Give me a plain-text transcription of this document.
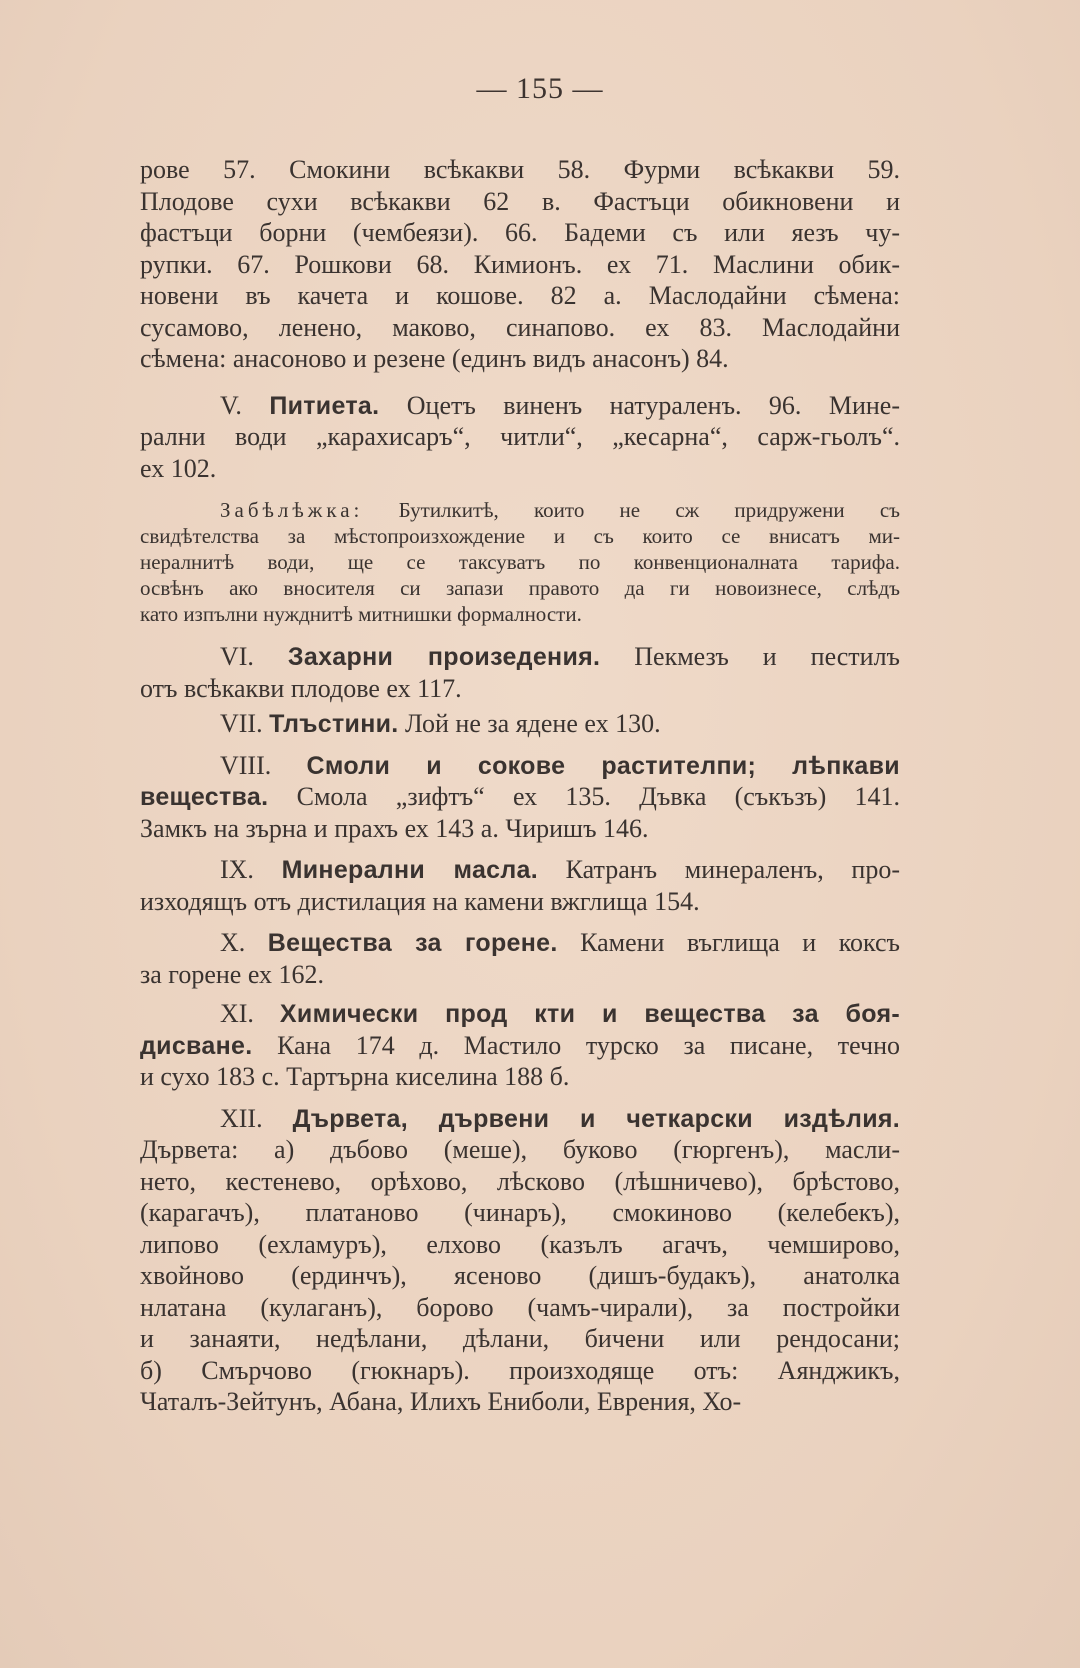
— 155 —
рове 57. Смокини всѣкакви 58. Фурми всѣкакви 59.
Плодове сухи всѣкакви 62 в. Фастъци обикновени и
фастъци борни (чембеязи). 66. Бадеми съ или яезъ чу-
рупки. 67. Рошкови 68. Кимионъ. ех 71. Маслини обик-
новени въ качета и кошове. 82 а. Маслодайни сѣмена:
сусамово, ленено, маково, синапово. ех 83. Маслодайни
сѣмена: анасоново и резене (единъ видъ анасонъ) 84.
V. Питиета. Оцетъ виненъ натураленъ. 96. Мине-
рални води „карахисаръ“, читли“, „кесарна“, сарж-гьолъ“.
ех 102.
Забѣлѣжка: Бутилкитѣ, които не сж придружени съ
свидѣтелства за мѣстопроизхождение и съ които се внисатъ ми-
нералнитѣ води, ще се таксуватъ по конвенционалната тарифа.
освѣнъ ако вносителя си запази правото да ги новоизнесе, слѣдъ
като изпълни нужднитѣ митнишки формалности.
VI. Захарни произедения. Пекмезъ и пестилъ
отъ всѣкакви плодове ех 117.
VII. Тлъстини. Лой не за ядене ех 130.
VIII. Смоли и сокове растителпи; лѣпкави
вещества. Смола „зифтъ“ ех 135. Дъвка (съкъзъ) 141.
Замкъ на зърна и прахъ ех 143 а. Чиришъ 146.
IX. Минерални масла. Катранъ минераленъ, про-
изходящъ отъ дистилация на камени вжглища 154.
X. Вещества за горене. Камени въглища и коксъ
за горене ех 162.
XI. Химически прод кти и вещества за боя-
дисване. Кана 174 д. Мастило турско за писане, течно
и сухо 183 с. Тартърна киселина 188 б.
XII. Дървета, дървени и четкарски издѣлия.
Дървета: а) дъбово (меше), буково (гюргенъ), масли-
нето, кестенево, орѣхово, лѣсково (лѣшничево), брѣстово,
(карагачъ), платаново (чинаръ), смокиново (келебекъ),
липово (ехламуръ), елхово (казълъ агачъ, чемширово,
хвойново (ердинчъ), ясеново (дишъ-будакъ), анатолка
нлатана (кулаганъ), борово (чамъ-чирали), за постройки
и занаяти, недѣлани, дѣлани, бичени или рендосани;
б) Смърчово (гюкнаръ). произходяще отъ: Аянджикъ,
Чаталъ-Зейтунъ, Абана, Илихъ Ениболи, Еврения, Хо-
